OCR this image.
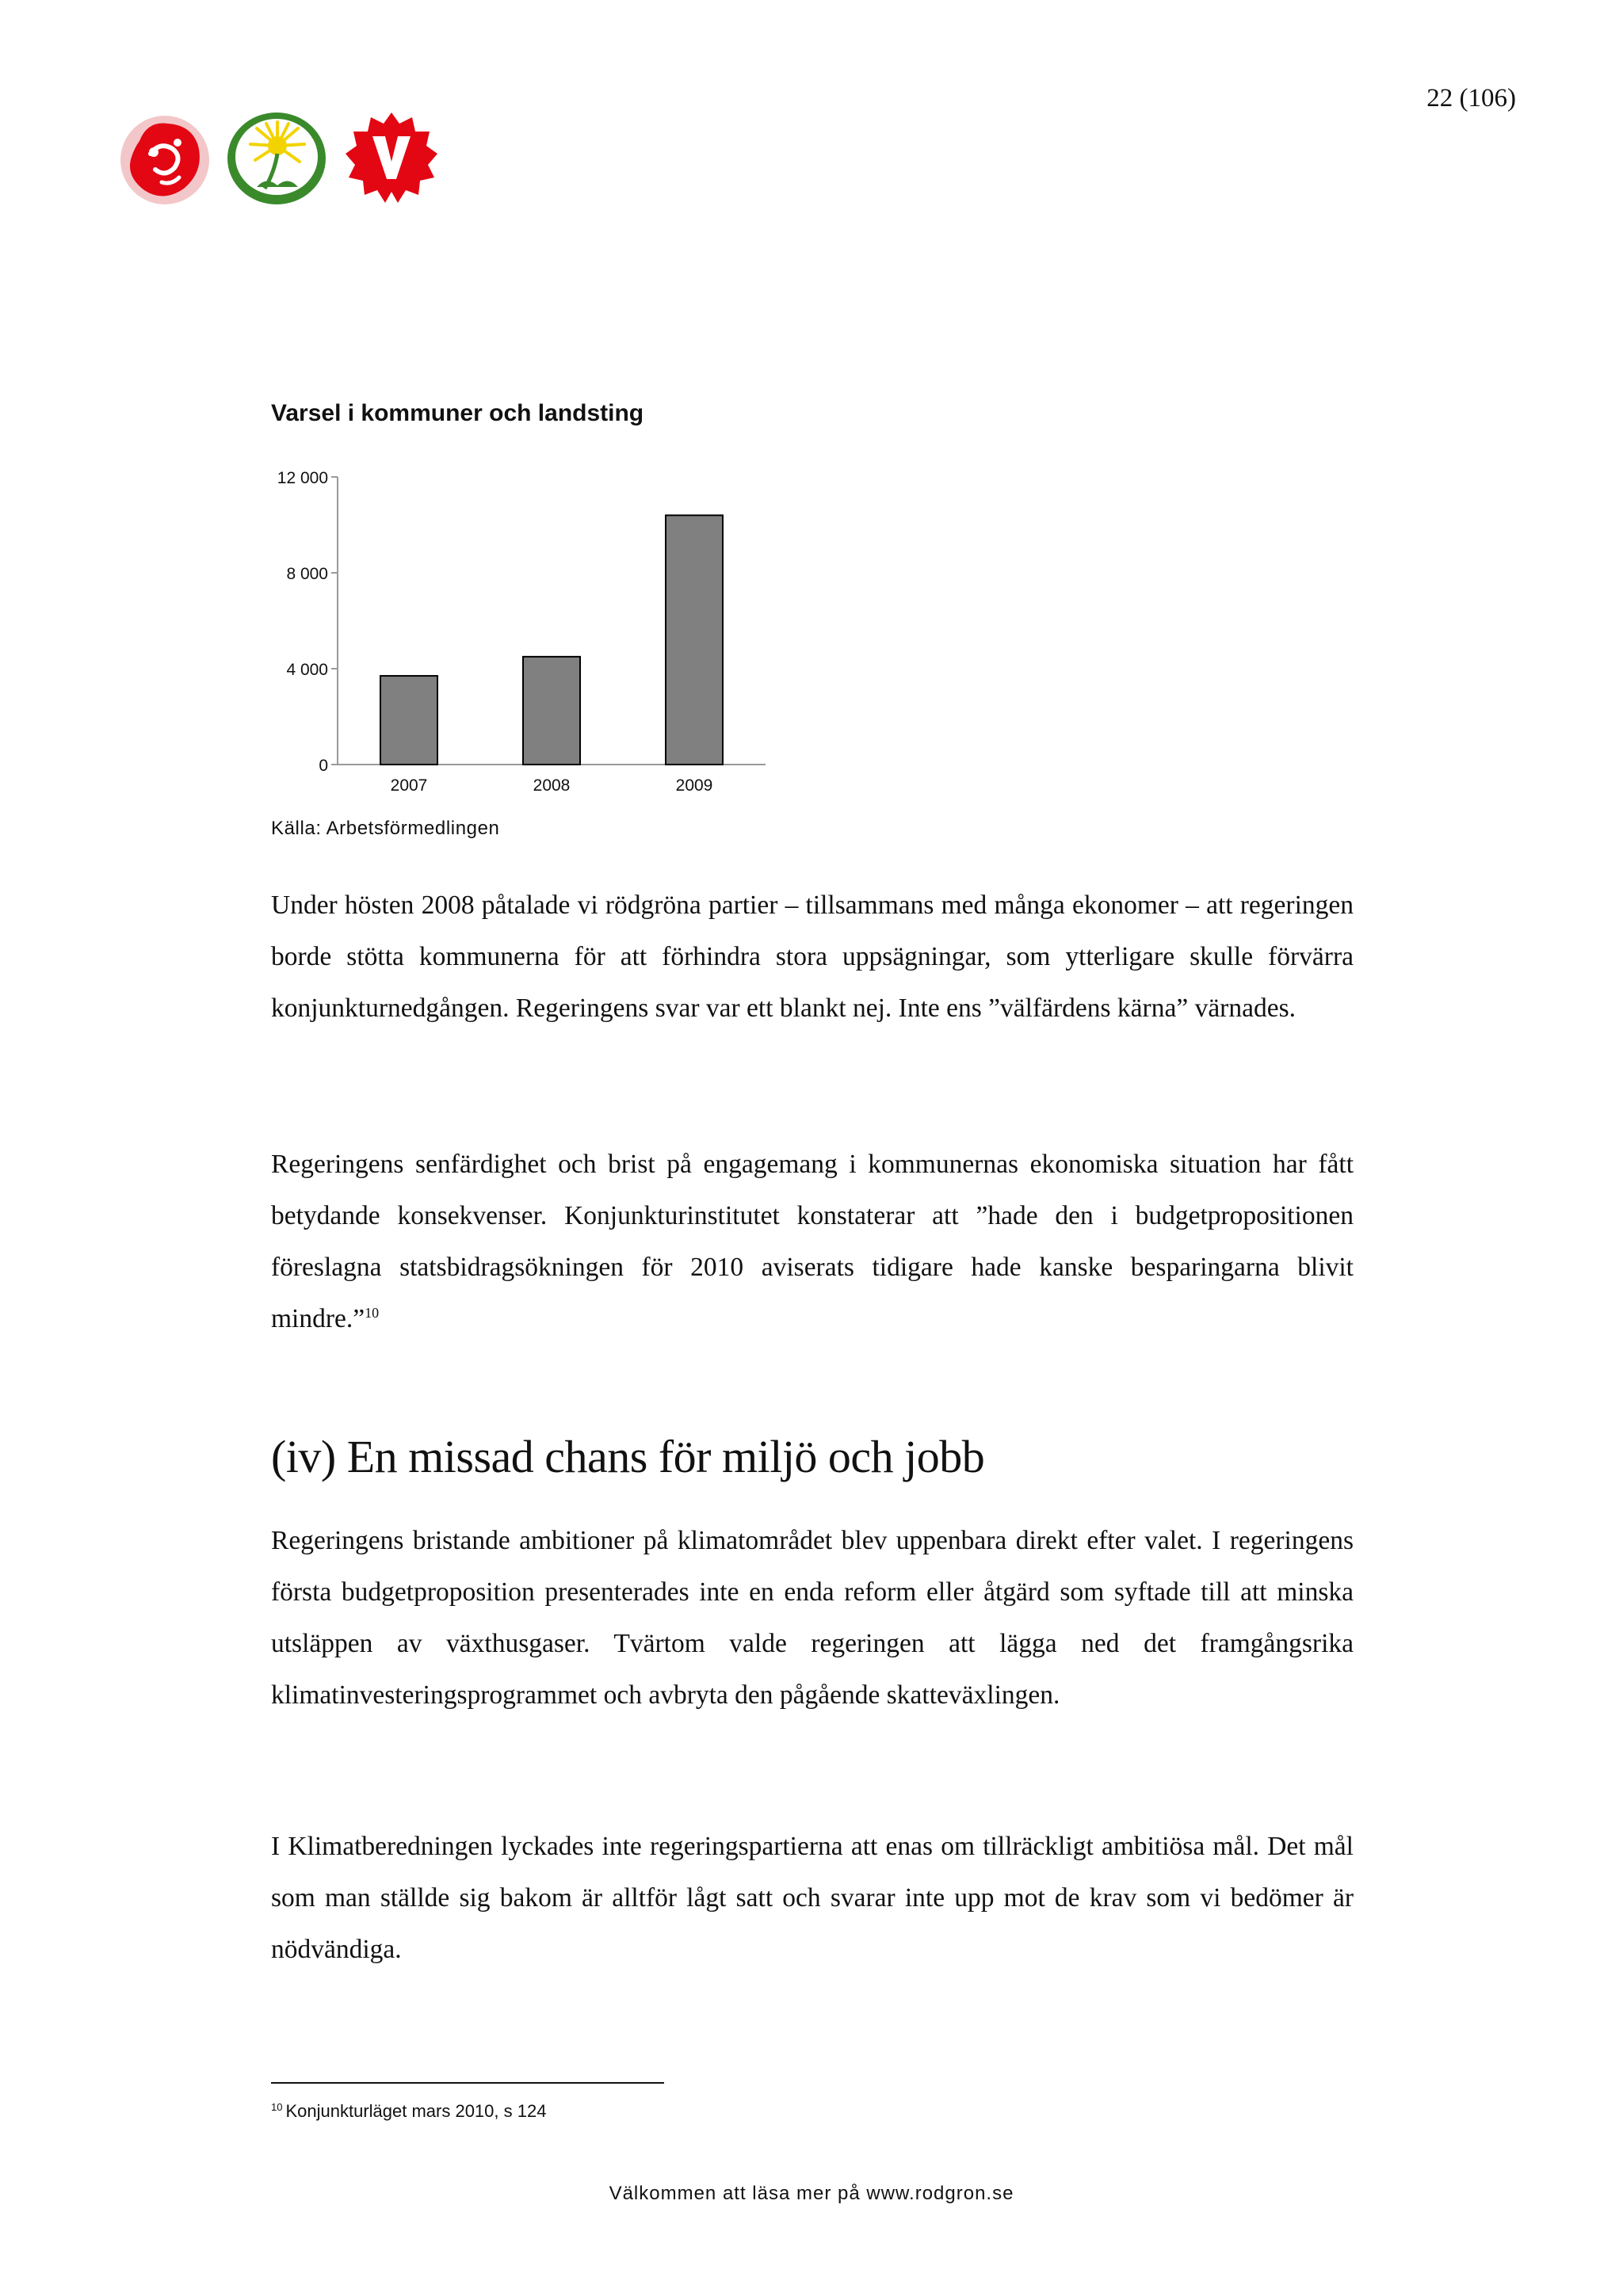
22 (106)
Varsel i kommuner och landsting
0
4 000
8 000
12 000
2007	2008	2009
Källa: Arbetsförmedlingen

Under hösten 2008 påtalade vi rödgröna partier – tillsammans med många ekonomer – att regeringen borde stötta kommunerna för att förhindra stora uppsägningar, som ytterligare skulle förvärra konjunkturnedgången. Regeringens svar var ett blankt nej. Inte ens ”välfärdens kärna” värnades.

Regeringens senfärdighet och brist på engagemang i kommunernas ekonomiska situation har fått betydande konsekvenser. Konjunkturinstitutet konstaterar att ”hade den i budgetpropositionen föreslagna statsbidragsökningen för 2010 aviserats tidigare hade kanske besparingarna blivit mindre.”$^{10}$

(iv) En missad chans för miljö och jobb

Regeringens bristande ambitioner på klimatområdet blev uppenbara direkt efter valet. I regeringens första budgetproposition presenterades inte en enda reform eller åtgärd som syftade till att minska utsläppen av växthusgaser. Tvärtom valde regeringen att lägga ned det framgångsrika klimatinvesteringsprogrammet och avbryta den pågående skatteväxlingen.

I Klimatberedningen lyckades inte regeringspartierna att enas om tillräckligt ambitiösa mål. Det mål som man ställde sig bakom är alltför lågt satt och svarar inte upp mot de krav som vi bedömer är nödvändiga.

$^{10}$ Konjunkturläget mars 2010, s 124
Välkommen att läsa mer på www.rodgron.se
